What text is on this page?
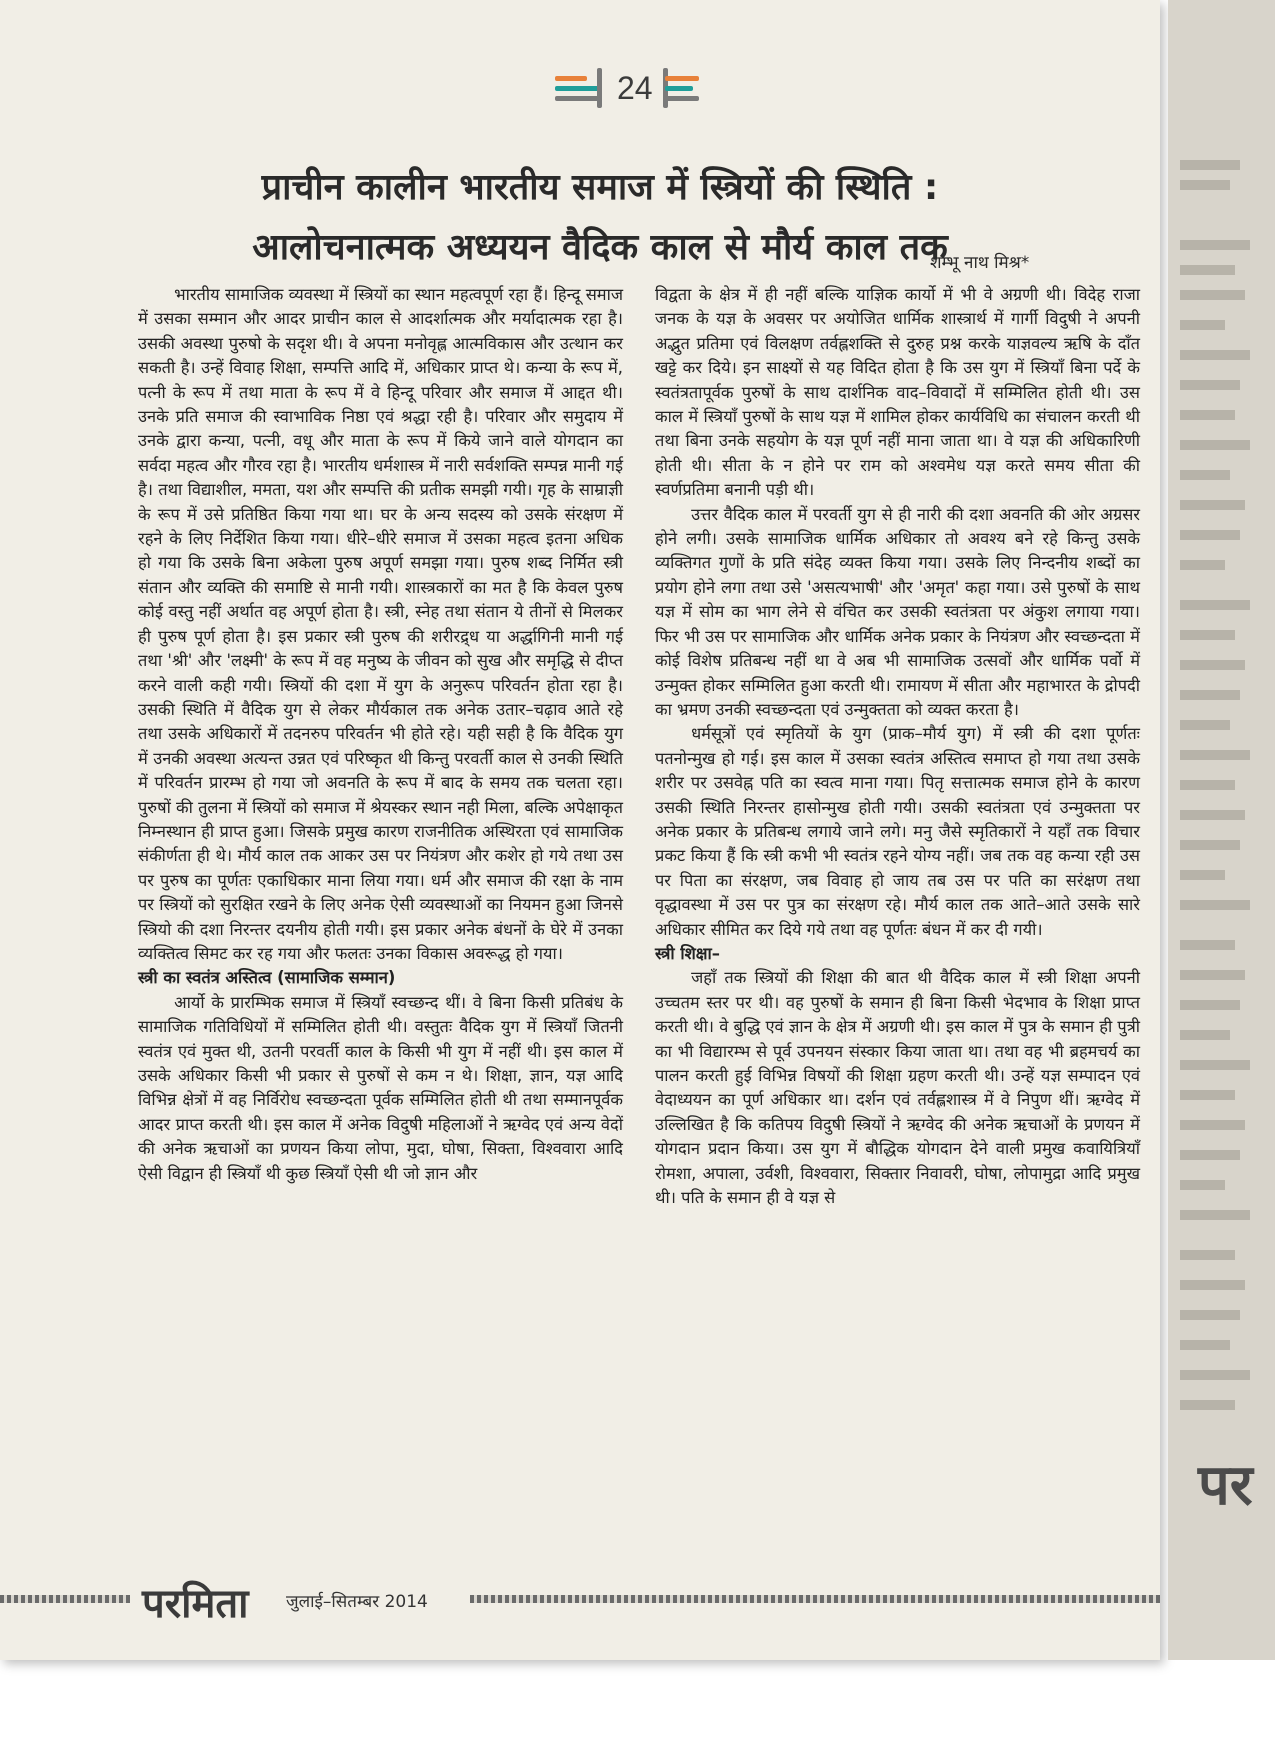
24
प्राचीन कालीन भारतीय समाज में स्त्रियों की स्थिति : आलोचनात्मक अध्ययन वैदिक काल से मौर्य काल तक
शम्भू नाथ मिश्र*

भारतीय सामाजिक व्यवस्था में स्त्रियों का स्थान महत्वपूर्ण रहा हैं। हिन्दू समाज में उसका सम्मान और आदर प्राचीन काल से आदर्शात्मक और मर्यादात्मक रहा है। उसकी अवस्था पुरुषो के सदृश थी। वे अपना मनोवृह्ल आत्मविकास और उत्थान कर सकती है। उन्हें विवाह शिक्षा, सम्पत्ति आदि में, अधिकार प्राप्त थे। कन्या के रूप में, पत्नी के रूप में तथा माता के रूप में वे हिन्दू परिवार और समाज में आद्दत थी। उनके प्रति समाज की स्वाभाविक निष्ठा एवं श्रद्धा रही है। परिवार और समुदाय में उनके द्वारा कन्या, पत्नी, वधू और माता के रूप में किये जाने वाले योगदान का सर्वदा महत्व और गौरव रहा है। भारतीय धर्मशास्त्र में नारी सर्वशक्ति सम्पन्न मानी गई है। तथा विद्याशील, ममता, यश और सम्पत्ति की प्रतीक समझी गयी। गृह के साम्राज्ञी के रूप में उसे प्रतिष्ठित किया गया था। घर के अन्य सदस्य को उसके संरक्षण में रहने के लिए निर्देशित किया गया। धीरे–धीरे समाज में उसका महत्व इतना अधिक हो गया कि उसके बिना अकेला पुरुष अपूर्ण समझा गया। पुरुष शब्द निर्मित स्त्री संतान और व्यक्ति की समाष्टि से मानी गयी। शास्त्रकारों का मत है कि केवल पुरुष कोई वस्तु नहीं अर्थात वह अपूर्ण होता है। स्त्री, स्नेह तथा संतान ये तीनों से मिलकर ही पुरुष पूर्ण होता है। इस प्रकार स्त्री पुरुष की शरीरद्र्ध या अर्द्धागिनी मानी गई तथा 'श्री' और 'लक्ष्मी' के रूप में वह मनुष्य के जीवन को सुख और समृद्धि से दीप्त करने वाली कही गयी। स्त्रियों की दशा में युग के अनुरूप परिवर्तन होता रहा है। उसकी स्थिति में वैदिक युग से लेकर मौर्यकाल तक अनेक उतार–चढ़ाव आते रहे तथा उसके अधिकारों में तदनरुप परिवर्तन भी होते रहे। यही सही है कि वैदिक युग में उनकी अवस्था अत्यन्त उन्नत एवं परिष्कृत थी किन्तु परवर्ती काल से उनकी स्थिति में परिवर्तन प्रारम्भ हो गया जो अवनति के रूप में बाद के समय तक चलता रहा। पुरुषों की तुलना में स्त्रियों को समाज में श्रेयस्कर स्थान नही मिला, बल्कि अपेक्षाकृत निम्नस्थान ही प्राप्त हुआ। जिसके प्रमुख कारण राजनीतिक अस्थिरता एवं सामाजिक संकीर्णता ही थे। मौर्य काल तक आकर उस पर नियंत्रण और कशेर हो गये तथा उस पर पुरुष का पूर्णतः एकाधिकार माना लिया गया। धर्म और समाज की रक्षा के नाम पर स्त्रियों को सुरक्षित रखने के लिए अनेक ऐसी व्यवस्थाओं का नियमन हुआ जिनसे स्त्रियो की दशा निरन्तर दयनीय होती गयी। इस प्रकार अनेक बंधनों के घेरे में उनका व्यक्तित्व सिमट कर रह गया और फलतः उनका विकास अवरूद्ध हो गया।

स्त्री का स्वतंत्र अस्तित्व (सामाजिक सम्मान)

आर्यो के प्रारम्भिक समाज में स्त्रियाँ स्वच्छन्द थीं। वे बिना किसी प्रतिबंध के सामाजिक गतिविधियों में सम्मिलित होती थी। वस्तुतः वैदिक युग में स्त्रियाँ जितनी स्वतंत्र एवं मुक्त थी, उतनी परवर्ती काल के किसी भी युग में नहीं थी। इस काल में उसके अधिकार किसी भी प्रकार से पुरुषों से कम न थे। शिक्षा, ज्ञान, यज्ञ आदि विभिन्न क्षेत्रों में वह निर्विरोध स्वच्छन्दता पूर्वक सम्मिलित होती थी तथा सम्मानपूर्वक आदर प्राप्त करती थी। इस काल में अनेक विदुषी महिलाओं ने ऋग्वेद एवं अन्य वेदों की अनेक ऋचाओं का प्रणयन किया लोपा, मुदा, घोषा, सिक्ता, विश्ववारा आदि ऐसी विद्वान ही स्त्रियाँ थी कुछ स्त्रियाँ ऐसी थी जो ज्ञान और

विद्वता के क्षेत्र में ही नहीं बल्कि याज्ञिक कार्यो में भी वे अग्रणी थी। विदेह राजा जनक के यज्ञ के अवसर पर अयोजित धार्मिक शास्त्रार्थ में गार्गी विदुषी ने अपनी अद्भुत प्रतिमा एवं विलक्षण तर्वह्लशक्ति से दुरुह प्रश्न करके याज्ञवल्य ऋषि के दाँत खट्टे कर दिये। इन साक्ष्यों से यह विदित होता है कि उस युग में स्त्रियाँ बिना पर्दे के स्वतंत्रतापूर्वक पुरुषों के साथ दार्शनिक वाद–विवादों में सम्मिलित होती थी। उस काल में स्त्रियाँ पुरुषों के साथ यज्ञ में शामिल होकर कार्यविधि का संचालन करती थी तथा बिना उनके सहयोग के यज्ञ पूर्ण नहीं माना जाता था। वे यज्ञ की अधिकारिणी होती थी। सीता के न होने पर राम को अश्वमेध यज्ञ करते समय सीता की स्वर्णप्रतिमा बनानी पड़ी थी।

उत्तर वैदिक काल में परवर्ती युग से ही नारी की दशा अवनति की ओर अग्रसर होने लगी। उसके सामाजिक धार्मिक अधिकार तो अवश्य बने रहे किन्तु उसके व्यक्तिगत गुणों के प्रति संदेह व्यक्त किया गया। उसके लिए निन्दनीय शब्दों का प्रयोग होने लगा तथा उसे 'असत्यभाषी' और 'अमृत' कहा गया। उसे पुरुषों के साथ यज्ञ में सोम का भाग लेने से वंचित कर उसकी स्वतंत्रता पर अंकुश लगाया गया। फिर भी उस पर सामाजिक और धार्मिक अनेक प्रकार के नियंत्रण और स्वच्छन्दता में कोई विशेष प्रतिबन्ध नहीं था वे अब भी सामाजिक उत्सवों और धार्मिक पर्वो में उन्मुक्त होकर सम्मिलित हुआ करती थी। रामायण में सीता और महाभारत के द्रोपदी का भ्रमण उनकी स्वच्छन्दता एवं उन्मुक्तता को व्यक्त करता है।

धर्मसूत्रों एवं स्मृतियों के युग (प्राक–मौर्य युग) में स्त्री की दशा पूर्णतः पतनोन्मुख हो गई। इस काल में उसका स्वतंत्र अस्तित्व समाप्त हो गया तथा उसके शरीर पर उसवेह्न पति का स्वत्व माना गया। पितृ सत्तात्मक समाज होने के कारण उसकी स्थिति निरन्तर हासोन्मुख होती गयी। उसकी स्वतंत्रता एवं उन्मुक्तता पर अनेक प्रकार के प्रतिबन्ध लगाये जाने लगे। मनु जैसे स्मृतिकारों ने यहाँ तक विचार प्रकट किया हैं कि स्त्री कभी भी स्वतंत्र रहने योग्य नहीं। जब तक वह कन्या रही उस पर पिता का संरक्षण, जब विवाह हो जाय तब उस पर पति का सरंक्षण तथा वृद्धावस्था में उस पर पुत्र का संरक्षण रहे। मौर्य काल तक आते–आते उसके सारे अधिकार सीमित कर दिये गये तथा वह पूर्णतः बंधन में कर दी गयी।

स्त्री शिक्षा–

जहाँ तक स्त्रियों की शिक्षा की बात थी वैदिक काल में स्त्री शिक्षा अपनी उच्चतम स्तर पर थी। वह पुरुषों के समान ही बिना किसी भेदभाव के शिक्षा प्राप्त करती थी। वे बुद्धि एवं ज्ञान के क्षेत्र में अग्रणी थी। इस काल में पुत्र के समान ही पुत्री का भी विद्यारम्भ से पूर्व उपनयन संस्कार किया जाता था। तथा वह भी ब्रहमचर्य का पालन करती हुई विभिन्न विषयों की शिक्षा ग्रहण करती थी। उन्हें यज्ञ सम्पादन एवं वेदाध्ययन का पूर्ण अधिकार था। दर्शन एवं तर्वह्लशास्त्र में वे निपुण थीं। ऋग्वेद में उल्लिखित है कि कतिपय विदुषी स्त्रियों ने ऋग्वेद की अनेक ऋचाओं के प्रणयन में योगदान प्रदान किया। उस युग में बौद्धिक योगदान देने वाली प्रमुख कवायित्रियाँ रोमशा, अपाला, उर्वशी, विश्ववारा, सिक्तार निवावरी, घोषा, लोपामुद्रा आदि प्रमुख थी। पति के समान ही वे यज्ञ से

परमिता जुलाई–सितम्बर 2014
पर
